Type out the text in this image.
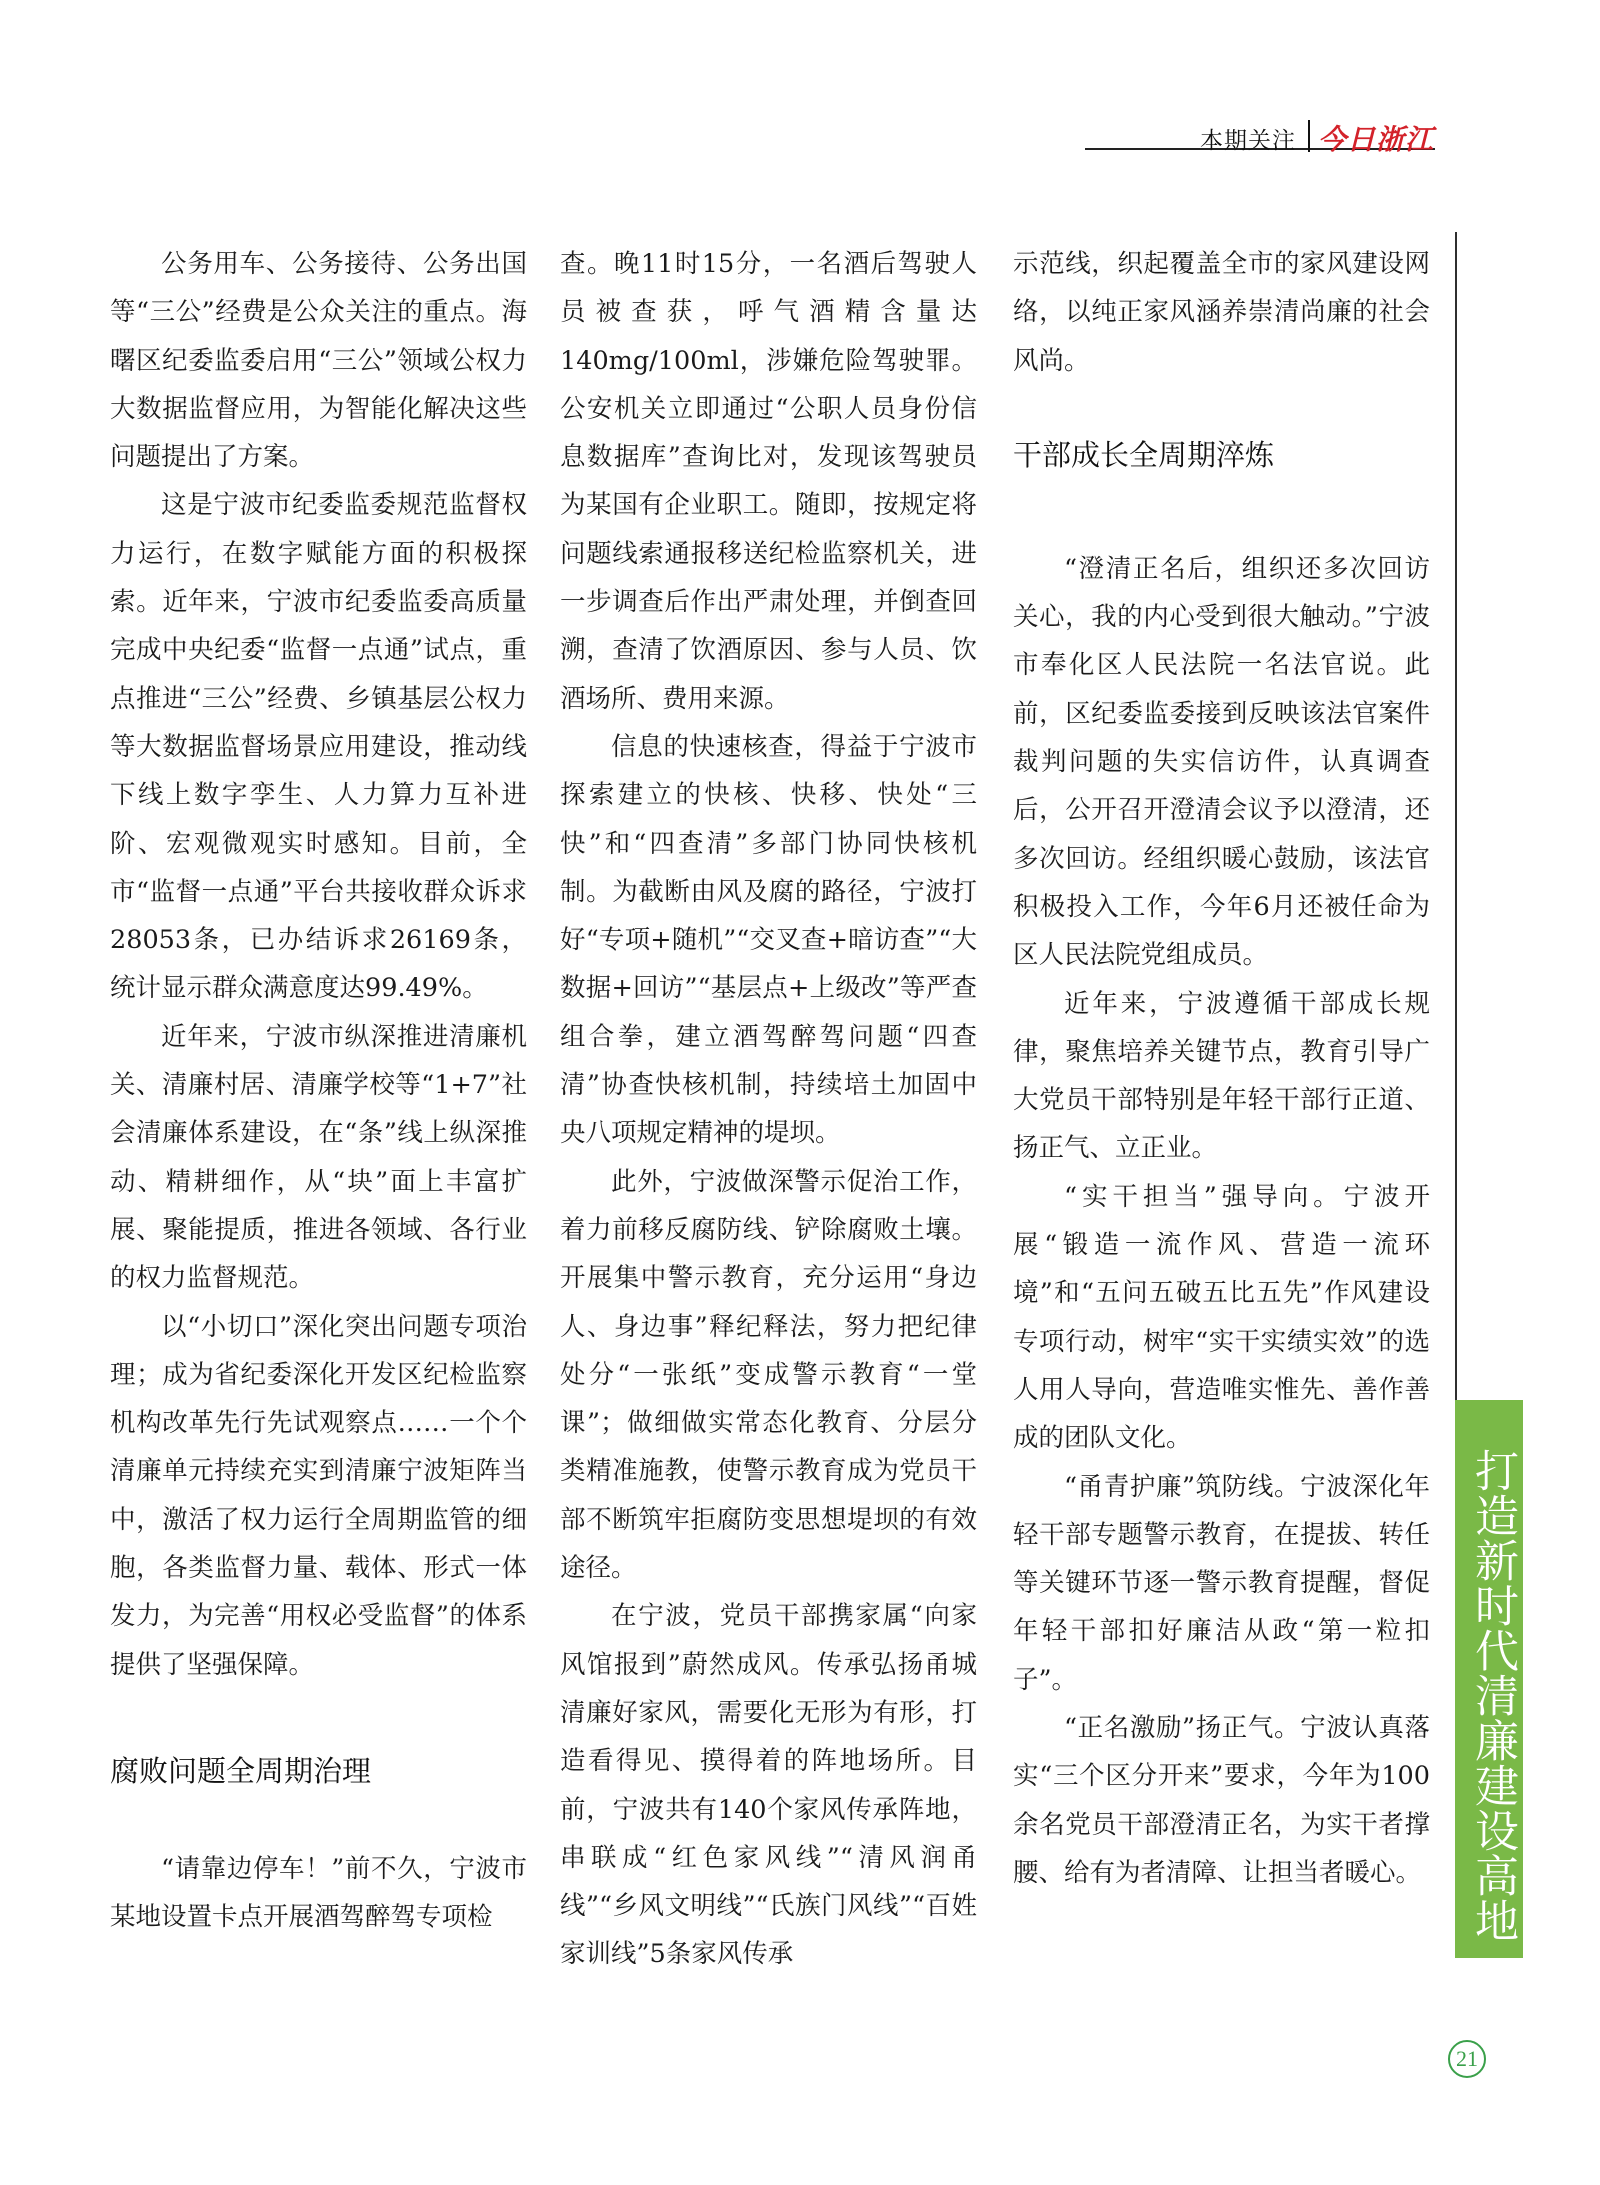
本期关注 今日浙江

公务用车、公务接待、公务出国等“三公”经费是公众关注的重点。海曙区纪委监委启用“三公”领域公权力大数据监督应用，为智能化解决这些问题提出了方案。

这是宁波市纪委监委规范监督权力运行，在数字赋能方面的积极探索。近年来，宁波市纪委监委高质量完成中央纪委“监督一点通”试点，重点推进“三公”经费、乡镇基层公权力等大数据监督场景应用建设，推动线下线上数字孪生、人力算力互补进阶、宏观微观实时感知。目前，全市“监督一点通”平台共接收群众诉求28053条，已办结诉求26169条，统计显示群众满意度达99.49%。

近年来，宁波市纵深推进清廉机关、清廉村居、清廉学校等“1+7”社会清廉体系建设，在“条”线上纵深推动、精耕细作，从“块”面上丰富扩展、聚能提质，推进各领域、各行业的权力监督规范。

以“小切口”深化突出问题专项治理；成为省纪委深化开发区纪检监察机构改革先行先试观察点……一个个清廉单元持续充实到清廉宁波矩阵当中，激活了权力运行全周期监管的细胞，各类监督力量、载体、形式一体发力，为完善“用权必受监督”的体系提供了坚强保障。

腐败问题全周期治理

“请靠边停车！”前不久，宁波市某地设置卡点开展酒驾醉驾专项检

查。晚11时15分，一名酒后驾驶人员被查获，呼气酒精含量达140mg/100ml，涉嫌危险驾驶罪。公安机关立即通过“公职人员身份信息数据库”查询比对，发现该驾驶员为某国有企业职工。随即，按规定将问题线索通报移送纪检监察机关，进一步调查后作出严肃处理，并倒查回溯，查清了饮酒原因、参与人员、饮酒场所、费用来源。

信息的快速核查，得益于宁波市探索建立的快核、快移、快处“三快”和“四查清”多部门协同快核机制。为截断由风及腐的路径，宁波打好“专项+随机”“交叉查+暗访查”“大数据+回访”“基层点+上级改”等严查组合拳，建立酒驾醉驾问题“四查清”协查快核机制，持续培土加固中央八项规定精神的堤坝。

此外，宁波做深警示促治工作，着力前移反腐防线、铲除腐败土壤。开展集中警示教育，充分运用“身边人、身边事”释纪释法，努力把纪律处分“一张纸”变成警示教育“一堂课”；做细做实常态化教育、分层分类精准施教，使警示教育成为党员干部不断筑牢拒腐防变思想堤坝的有效途径。

在宁波，党员干部携家属“向家风馆报到”蔚然成风。传承弘扬甬城清廉好家风，需要化无形为有形，打造看得见、摸得着的阵地场所。目前，宁波共有140个家风传承阵地，串联成“红色家风线”“清风润甬线”“乡风文明线”“氏族门风线”“百姓家训线”5条家风传承

示范线，织起覆盖全市的家风建设网络，以纯正家风涵养崇清尚廉的社会风尚。

干部成长全周期淬炼

“澄清正名后，组织还多次回访关心，我的内心受到很大触动。”宁波市奉化区人民法院一名法官说。此前，区纪委监委接到反映该法官案件裁判问题的失实信访件，认真调查后，公开召开澄清会议予以澄清，还多次回访。经组织暖心鼓励，该法官积极投入工作，今年6月还被任命为区人民法院党组成员。

近年来，宁波遵循干部成长规律，聚焦培养关键节点，教育引导广大党员干部特别是年轻干部行正道、扬正气、立正业。

“实干担当”强导向。宁波开展“锻造一流作风、营造一流环境”和“五问五破五比五先”作风建设专项行动，树牢“实干实绩实效”的选人用人导向，营造唯实惟先、善作善成的团队文化。

“甬青护廉”筑防线。宁波深化年轻干部专题警示教育，在提拔、转任等关键环节逐一警示教育提醒，督促年轻干部扣好廉洁从政“第一粒扣子”。

“正名激励”扬正气。宁波认真落实“三个区分开来”要求，今年为100余名党员干部澄清正名，为实干者撑腰、给有为者清障、让担当者暖心。 打造新时代清廉建设高地
21
